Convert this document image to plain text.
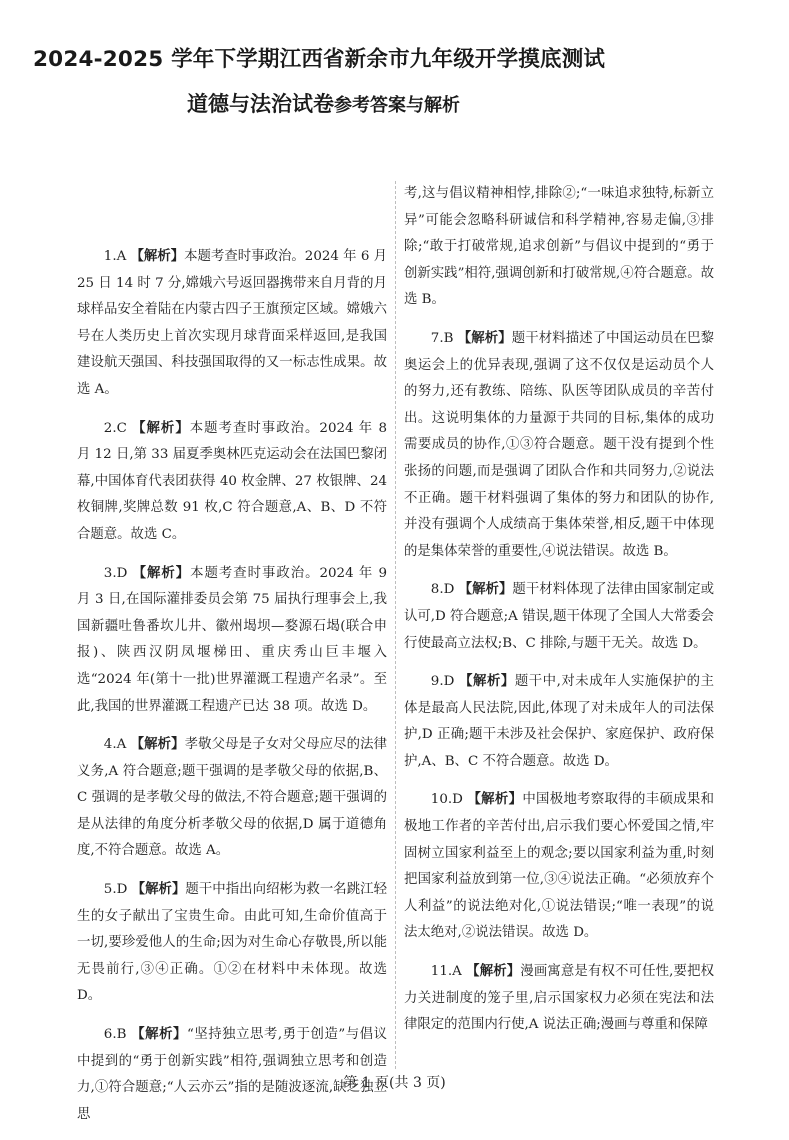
2024-2025 学年下学期江西省新余市九年级开学摸底测试
道德与法治试卷参考答案与解析

1.A 【解析】本题考查时事政治。2024 年 6 月 25 日 14 时 7 分,嫦娥六号返回器携带来自月背的月球样品安全着陆在内蒙古四子王旗预定区域。嫦娥六号在人类历史上首次实现月球背面采样返回,是我国建设航天强国、科技强国取得的又一标志性成果。故选 A。

2.C 【解析】本题考查时事政治。2024 年 8 月 12 日,第 33 届夏季奥林匹克运动会在法国巴黎闭幕,中国体育代表团获得 40 枚金牌、27 枚银牌、24 枚铜牌,奖牌总数 91 枚,C 符合题意,A、B、D 不符合题意。故选 C。

3.D 【解析】本题考查时事政治。2024 年 9 月 3 日,在国际灌排委员会第 75 届执行理事会上,我国新疆吐鲁番坎儿井、徽州堨坝—婺源石堨(联合申报)、陕西汉阴凤堰梯田、重庆秀山巨丰堰入选“2024 年(第十一批)世界灌溉工程遗产名录”。至此,我国的世界灌溉工程遗产已达 38 项。故选 D。

4.A 【解析】孝敬父母是子女对父母应尽的法律义务,A 符合题意;题干强调的是孝敬父母的依据,B、C 强调的是孝敬父母的做法,不符合题意;题干强调的是从法律的角度分析孝敬父母的依据,D 属于道德角度,不符合题意。故选 A。

5.D 【解析】题干中指出向绍彬为救一名跳江轻生的女子献出了宝贵生命。由此可知,生命价值高于一切,要珍爱他人的生命;因为对生命心存敬畏,所以能无畏前行,③④正确。①②在材料中未体现。故选 D。

6.B 【解析】“坚持独立思考,勇于创造”与倡议中提到的“勇于创新实践”相符,强调独立思考和创造力,①符合题意;“人云亦云”指的是随波逐流,缺乏独立思

考,这与倡议精神相悖,排除②;“一味追求独特,标新立异”可能会忽略科研诚信和科学精神,容易走偏,③排除;“敢于打破常规,追求创新”与倡议中提到的“勇于创新实践”相符,强调创新和打破常规,④符合题意。故选 B。

7.B 【解析】题干材料描述了中国运动员在巴黎奥运会上的优异表现,强调了这不仅仅是运动员个人的努力,还有教练、陪练、队医等团队成员的辛苦付出。这说明集体的力量源于共同的目标,集体的成功需要成员的协作,①③符合题意。题干没有提到个性张扬的问题,而是强调了团队合作和共同努力,②说法不正确。题干材料强调了集体的努力和团队的协作,并没有强调个人成绩高于集体荣誉,相反,题干中体现的是集体荣誉的重要性,④说法错误。故选 B。

8.D 【解析】题干材料体现了法律由国家制定或认可,D 符合题意;A 错误,题干体现了全国人大常委会行使最高立法权;B、C 排除,与题干无关。故选 D。

9.D 【解析】题干中,对未成年人实施保护的主体是最高人民法院,因此,体现了对未成年人的司法保护,D 正确;题干未涉及社会保护、家庭保护、政府保护,A、B、C 不符合题意。故选 D。

10.D 【解析】中国极地考察取得的丰硕成果和极地工作者的辛苦付出,启示我们要心怀爱国之情,牢固树立国家利益至上的观念;要以国家利益为重,时刻把国家利益放到第一位,③④说法正确。“必须放弃个人利益”的说法绝对化,①说法错误;“唯一表现”的说法太绝对,②说法错误。故选 D。

11.A 【解析】漫画寓意是有权不可任性,要把权力关进制度的笼子里,启示国家权力必须在宪法和法律限定的范围内行使,A 说法正确;漫画与尊重和保障

第 1 页(共 3 页)
